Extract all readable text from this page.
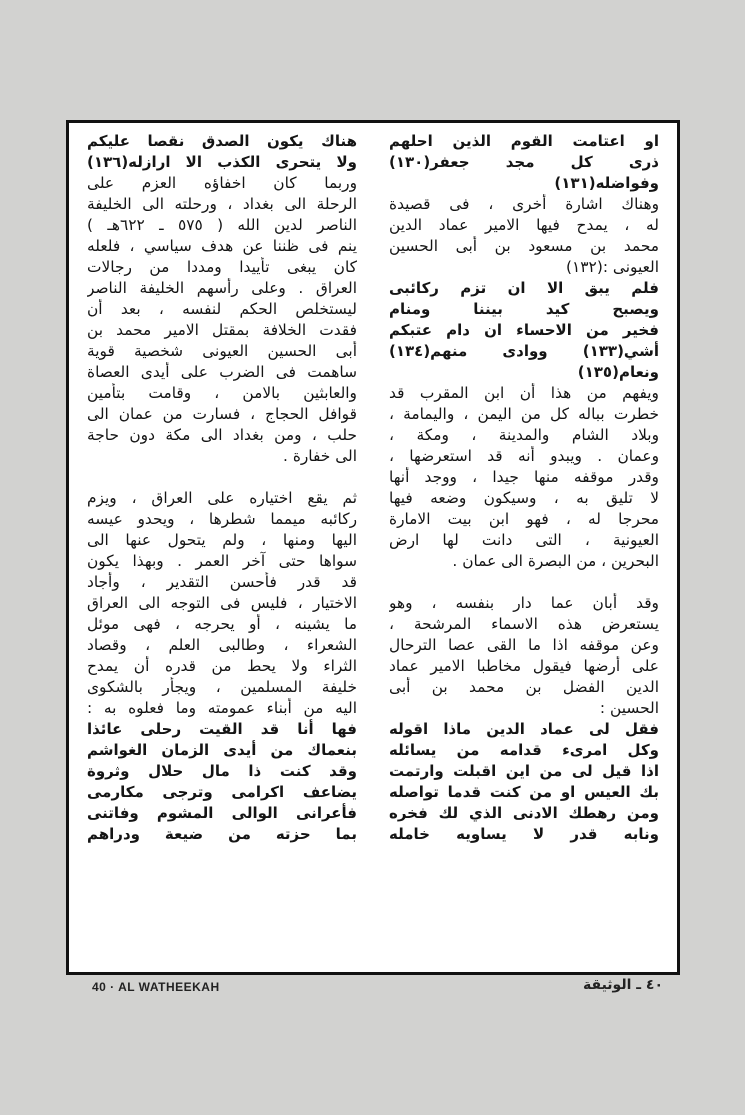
او اعتامت القوم الذين احلهم
ذرى كل مجد جعفر(١٣٠)
وفواضله(١٣١)
وهناك اشارة أخرى ، فى قصيدة
له ، يمدح فيها الامير عماد الدين
محمد بن مسعود بن أبى الحسين
العيونى :(١٣٢)
فلم يبق الا ان تزم ركائبى
ويصبح كيد بيننا ومنام
فخير من الاحساء ان دام عتبكم
أشي(١٣٣) ووادى منهم(١٣٤)
ونعام(١٣٥)
ويفهم من هذا أن ابن المقرب قد
خطرت بباله كل من اليمن ، واليمامة ،
وبلاد الشام والمدينة ، ومكة ،
وعمان . ويبدو أنه قد استعرضها ،
وقدر موقفه منها جيدا ، ووجد أنها
لا تليق به ، وسيكون وضعه فيها
محرجا له ، فهو ابن بيت الامارة
العيونية ، التى دانت لها ارض
البحرين ، من البصرة الى عمان .
وقد أبان عما دار بنفسه ، وهو
يستعرض هذه الاسماء المرشحة ،
وعن موقفه اذا ما القى عصا الترحال
على أرضها فيقول مخاطبا الامير عماد
الدين الفضل بن محمد بن أبى
الحسين :
فقل لى عماد الدين ماذا اقوله
وكل امرىء قدامه من يسائله
اذا قيل لى من اين اقبلت وارتمت
بك العيس او من كنت قدما تواصله
ومن رهطك الادنى الذي لك فخره
ونابه قدر لا يساويه خامله
هناك يكون الصدق نقصا عليكم
ولا يتحرى الكذب الا ارازله(١٣٦)
وربما كان اخفاؤه العزم على
الرحلة الى بغداد ، ورحلته الى الخليفة
الناصر لدين الله ( ٥٧٥ ـ ٦٢٢هـ )
ينم فى ظننا عن هدف سياسي ، فلعله
كان يبغى تأييدا ومددا من رجالات
العراق . وعلى رأسهم الخليفة الناصر
ليستخلص الحكم لنفسه ، بعد أن
فقدت الخلافة بمقتل الامير محمد بن
أبى الحسين العيونى شخصية قوية
ساهمت فى الضرب على أيدى العصاة
والعابثين بالامن ، وقامت بتأمين
قوافل الحجاج ، فسارت من عمان الى
حلب ، ومن بغداد الى مكة دون حاجة
الى خفارة .
ثم يقع اختياره على العراق ، ويزم
ركائبه ميمما شطرها ، ويحدو عيسه
اليها ومنها ، ولم يتحول عنها الى
سواها حتى آخر العمر . وبهذا يكون
قد قدر فأحسن التقدير ، وأجاد
الاختيار ، فليس فى التوجه الى العراق
ما يشينه ، أو يحرجه ، فهى موئل
الشعراء ، وطالبى العلم ، وقصاد
الثراء ولا يحط من قدره أن يمدح
خليفة المسلمين ، ويجأر بالشكوى
اليه من أبناء عمومته وما فعلوه به :
فها أنا قد القيت رحلى عائذا
بنعماك من أيدى الزمان الغواشم
وقد كنت ذا مال حلال وثروة
يضاعف اكرامى وترجى مكارمى
فأعرانى الوالى المشوم وفاتنى
بما حزته من ضيعة ودراهم
40 · AL WATHEEKAH	٤٠ ـ الوثيقة
